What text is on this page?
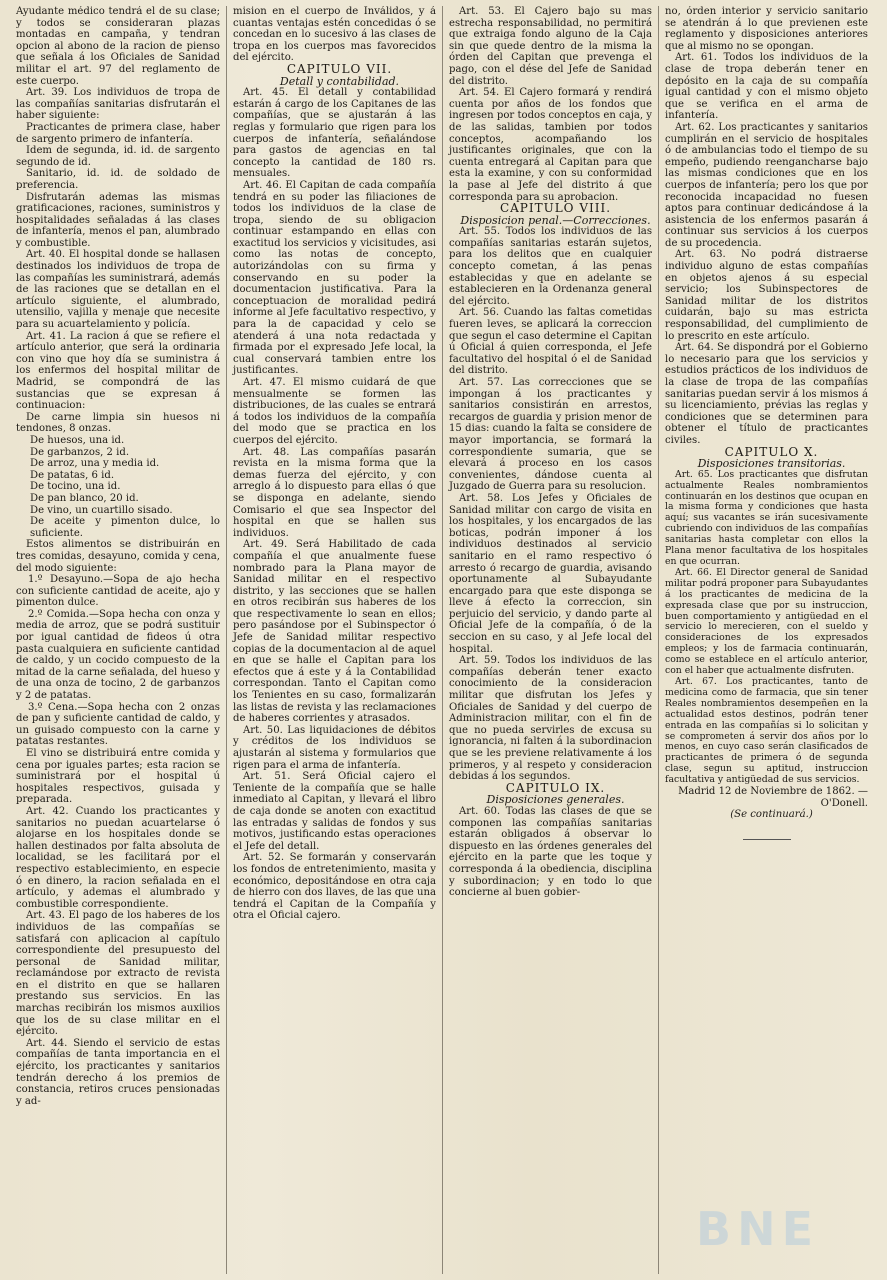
Ayudante médico tendrá el de su clase; y todos se consideraran plazas montadas en campaña, y tendran opcion al abono de la racion de pienso que señala á los Oficiales de Sanidad militar el art. 97 del reglamento de este cuerpo.

Art. 39. Los individuos de tropa de las compañías sanitarias disfrutarán el haber siguiente:

Practicantes de primera clase, haber de sargento primero de infantería.

Idem de segunda, id. id. de sargento segundo de id.

Sanitario, id. id. de soldado de preferencia.

Disfrutarán ademas las mismas gratificaciones, raciones, suministros y hospitalidades señaladas á las clases de infantería, menos el pan, alumbrado y combustible.

Art. 40. El hospital donde se hallasen destinados los individuos de tropa de las compañías les suministrará, además de las raciones que se detallan en el artículo siguiente, el alumbrado, utensilio, vajilla y menaje que necesite para su acuartelamiento y policía.

Art. 41. La racion á que se refiere el artículo anterior, que será la ordinaria con vino que hoy día se suministra á los enfermos del hospital militar de Madrid, se compondrá de las sustancias que se expresan á continuacion:

De carne limpia sin huesos ni tendones, 8 onzas.

De huesos, una id.

De garbanzos, 2 id.

De arroz, una y media id.

De patatas, 6 id.

De tocino, una id.

De pan blanco, 20 id.

De vino, un cuartillo sisado.

De aceite y pimenton dulce, lo suficiente.

Estos alimentos se distribuirán en tres comidas, desayuno, comida y cena, del modo siguiente:

1.º Desayuno.—Sopa de ajo hecha con suficiente cantidad de aceite, ajo y pimenton dulce.

2.º Comida.—Sopa hecha con onza y media de arroz, que se podrá sustituir por igual cantidad de fideos ú otra pasta cualquiera en suficiente cantidad de caldo, y un cocido compuesto de la mitad de la carne señalada, del hueso y de una onza de tocino, 2 de garbanzos y 2 de patatas.

3.º Cena.—Sopa hecha con 2 onzas de pan y suficiente cantidad de caldo, y un guisado compuesto con la carne y patatas restantes.

El vino se distribuirá entre comida y cena por iguales partes; esta racion se suministrará por el hospital ú hospitales respectivos, guisada y preparada.

Art. 42. Cuando los practicantes y sanitarios no puedan acuartelarse ó alojarse en los hospitales donde se hallen destinados por falta absoluta de localidad, se les facilitará por el respectivo establecimiento, en especie ó en dinero, la racion señalada en el artículo, y ademas el alumbrado y combustible correspondiente.

Art. 43. El pago de los haberes de los individuos de las compañías se satisfará con aplicacion al capítulo correspondiente del presupuesto del personal de Sanidad militar, reclamándose por extracto de revista en el distrito en que se hallaren prestando sus servicios. En las marchas recibirán los mismos auxilios que los de su clase militar en el ejército.

Art. 44. Siendo el servicio de estas compañías de tanta importancia en el ejército, los practicantes y sanitarios tendrán derecho á los premios de constancia, retiros cruces pensionadas y ad-

mision en el cuerpo de Inválidos, y á cuantas ventajas estén concedidas ó se concedan en lo sucesivo á las clases de tropa en los cuerpos mas favorecidos del ejército.

CAPITULO VII.

Detall y contabilidad.

Art. 45. El detall y contabilidad estarán á cargo de los Capitanes de las compañías, que se ajustarán á las reglas y formulario que rigen para los cuerpos de infantería, señalándose para gastos de agencias en tal concepto la cantidad de 180 rs. mensuales.

Art. 46. El Capitan de cada compañía tendrá en su poder las filiaciones de todos los individuos de la clase de tropa, siendo de su obligacion continuar estampando en ellas con exactitud los servicios y vicisitudes, asi como las notas de concepto, autorizándolas con su firma y conservando en su poder la documentacion justificativa. Para la conceptuacion de moralidad pedirá informe al Jefe facultativo respectivo, y para la de capacidad y celo se atenderá á una nota redactada y firmada por el expresado Jefe local, la cual conservará tambien entre los justificantes.

Art. 47. El mismo cuidará de que mensualmente se formen las distribuciones, de las cuales se entrará á todos los individuos de la compañía del modo que se practica en los cuerpos del ejército.

Art. 48. Las compañías pasarán revista en la misma forma que la demas fuerza del ejército, y con arreglo á lo dispuesto para ellas ó que se disponga en adelante, siendo Comisario el que sea Inspector del hospital en que se hallen sus individuos.

Art. 49. Será Habilitado de cada compañía el que anualmente fuese nombrado para la Plana mayor de Sanidad militar en el respectivo distrito, y las secciones que se hallen en otros recibirán sus haberes de los que respectivamente lo sean en ellos; pero pasándose por el Subinspector ó Jefe de Sanidad militar respectivo copias de la documentacion al de aquel en que se halle el Capitan para los efectos que á este y á la Contabilidad correspondan. Tanto el Capitan como los Tenientes en su caso, formalizarán las listas de revista y las reclamaciones de haberes corrientes y atrasados.

Art. 50. Las liquidaciones de débitos y créditos de los individuos se ajustarán al sistema y formularios que rigen para el arma de infantería.

Art. 51. Será Oficial cajero el Teniente de la compañía que se halle inmediato al Capitan, y llevará el libro de caja donde se anoten con exactitud las entradas y salidas de fondos y sus motivos, justificando estas operaciones el Jefe del detall.

Art. 52. Se formarán y conservarán los fondos de entretenimiento, masita y económico, depositándose en otra caja de hierro con dos llaves, de las que una tendrá el Capitan de la Compañía y otra el Oficial cajero.

Art. 53. El Cajero bajo su mas estrecha responsabilidad, no permitirá que extraiga fondo alguno de la Caja sin que quede dentro de la misma la órden del Capitan que prevenga el pago, con el dése del Jefe de Sanidad del distrito.

Art. 54. El Cajero formará y rendirá cuenta por años de los fondos que ingresen por todos conceptos en caja, y de las salidas, tambien por todos conceptos, acompañando los justificantes originales, que con la cuenta entregará al Capitan para que esta la examine, y con su conformidad la pase al Jefe del distrito á que corresponda para su aprobacion.

CAPITULO VIII.

Disposicion penal.—Correcciones.

Art. 55. Todos los individuos de las compañías sanitarias estarán sujetos, para los delitos que en cualquier concepto cometan, á las penas establecidas y que en adelante se establecieren en la Ordenanza general del ejército.

Art. 56. Cuando las faltas cometidas fueren leves, se aplicará la correccion que segun el caso determine el Capitan ú Oficial á quien corresponda, el Jefe facultativo del hospital ó el de Sanidad del distrito.

Art. 57. Las correcciones que se impongan á los practicantes y sanitarios consistirán en arrestos, recargos de guardia y prision menor de 15 dias: cuando la falta se considere de mayor importancia, se formará la correspondiente sumaria, que se elevará á proceso en los casos convenientes, dándose cuenta al Juzgado de Guerra para su resolucion.

Art. 58. Los Jefes y Oficiales de Sanidad militar con cargo de visita en los hospitales, y los encargados de las boticas, podrán imponer á los individuos destinados al servicio sanitario en el ramo respectivo ó arresto ó recargo de guardia, avisando oportunamente al Subayudante encargado para que este disponga se lleve á efecto la correccion, sin perjuicio del servicio, y dando parte al Oficial Jefe de la compañía, ó de la seccion en su caso, y al Jefe local del hospital.

Art. 59. Todos los individuos de las compañías deberán tener exacto conocimiento de la consideracion militar que disfrutan los Jefes y Oficiales de Sanidad y del cuerpo de Administracion militar, con el fin de que no pueda servirles de excusa su ignorancia, ni falten á la subordinacion que se les previene relativamente á los primeros, y al respeto y consideracion debidas á los segundos.

CAPITULO IX.

Disposiciones generales.

Art. 60. Todas las clases de que se componen las compañías sanitarias estarán obligados á observar lo dispuesto en las órdenes generales del ejército en la parte que les toque y corresponda á la obediencia, disciplina y subordinacion; y en todo lo que concierne al buen gobier-

no, órden interior y servicio sanitario se atendrán á lo que previenen este reglamento y disposiciones anteriores que al mismo no se opongan.

Art. 61. Todos los individuos de la clase de tropa deberán tener en depósito en la caja de su compañía igual cantidad y con el mismo objeto que se verifica en el arma de infantería.

Art. 62. Los practicantes y sanitarios cumplirán en el servicio de hospitales ó de ambulancias todo el tiempo de su empeño, pudiendo reengancharse bajo las mismas condiciones que en los cuerpos de infantería; pero los que por reconocida incapacidad no fuesen aptos para continuar dedicándose á la asistencia de los enfermos pasarán á continuar sus servicios á los cuerpos de su procedencia.

Art. 63. No podrá distraerse individuo alguno de estas compañías en objetos ajenos á su especial servicio; los Subinspectores de Sanidad militar de los distritos cuidarán, bajo su mas estricta responsabilidad, del cumplimiento de lo prescrito en este artículo.

Art. 64. Se dispondrá por el Gobierno lo necesario para que los servicios y estudios prácticos de los individuos de la clase de tropa de las compañías sanitarias puedan servir á los mismos á su licenciamiento, prévias las reglas y condiciones que se determinen para obtener el título de practicantes civiles.

CAPITULO X.

Disposiciones transitorias.

Art. 65. Los practicantes que disfrutan actualmente Reales nombramientos continuarán en los destinos que ocupan en la misma forma y condiciones que hasta aquí; sus vacantes se irán sucesivamente cubriendo con individuos de las compañías sanitarias hasta completar con ellos la Plana menor facultativa de los hospitales en que ocurran.

Art. 66. El Director general de Sanidad militar podrá proponer para Subayudantes á los practicantes de medicina de la expresada clase que por su instruccion, buen comportamiento y antigüedad en el servicio lo merecieren, con el sueldo y consideraciones de los expresados empleos; y los de farmacia continuarán, como se establece en el artículo anterior, con el haber que actualmente disfruten.

Art. 67. Los practicantes, tanto de medicina como de farmacia, que sin tener Reales nombramientos desempeñen en la actualidad estos destinos, podrán tener entrada en las compañías si lo solicitan y se comprometen á servir dos años por lo menos, en cuyo caso serán clasificados de practicantes de primera ó de segunda clase, segun su aptitud, instruccion facultativa y antigüedad de sus servicios.

Madrid 12 de Noviembre de 1862. —O'Donell.

(Se continuará.)

BNE
